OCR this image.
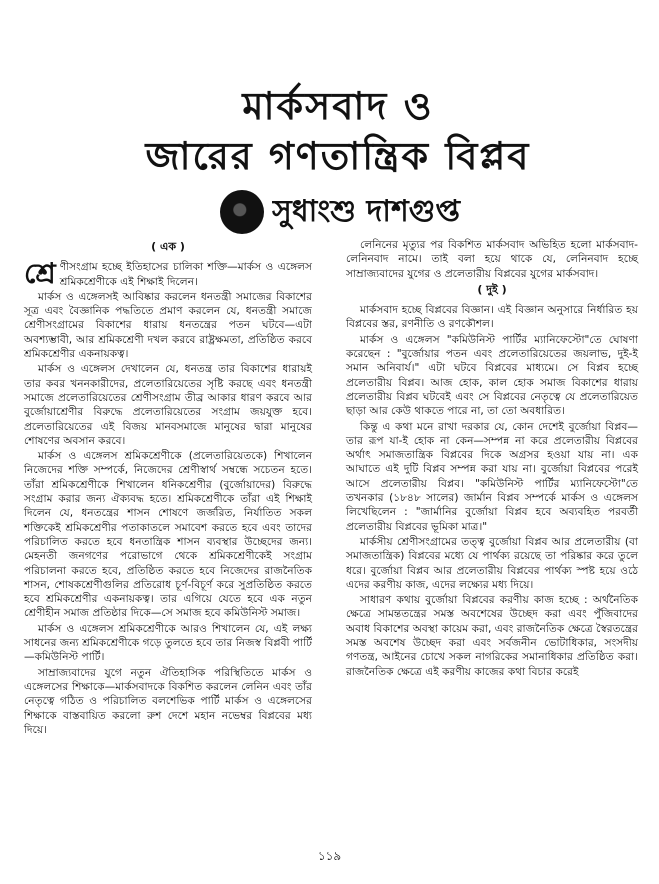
মার্কসবাদ ও
জারের গণতান্ত্রিক বিপ্লব
সুধাংশু দাশগুপ্ত
( এক )

শ্রে ণীসংগ্রাম হচ্ছে ইতিহাসের চালিকা শক্তি—মার্কস ও এঙ্গেলস শ্রমিকশ্রেণীকে এই শিক্ষাই দিলেন।

মার্কস ও এঙ্গেলসই আবিষ্কার করলেন ধনতন্ত্রী সমাজের বিকাশের সূত্র এবং বৈজ্ঞানিক পদ্ধতিতে প্রমাণ করলেন যে, ধনতন্ত্রী সমাজে শ্রেণীসংগ্রামের বিকাশের ধারায় ধনতন্ত্রের পতন ঘটবে—এটা অবশ্যম্ভাবী, আর শ্রমিকশ্রেণী দখল করবে রাষ্ট্রক্ষমতা, প্রতিষ্ঠিত করবে শ্রমিকশ্রেণীর একনায়কত্ব।

মার্কস ও এঙ্গেলস দেখালেন যে, ধনতন্ত্র তার বিকাশের ধারায়ই তার কবর খননকারীদের, প্রলেতারিয়েতের সৃষ্টি করছে এবং ধনতন্ত্রী সমাজে প্রলেতারিয়েতের শ্রেণীসংগ্রাম তীব্র আকার ধারণ করবে আর বুর্জোয়াশ্রেণীর বিরুদ্ধে প্রলেতারিয়েতের সংগ্রাম জয়যুক্ত হবে। প্রলেতারিয়েতের এই বিজয় মানবসমাজে মানুষের দ্বারা মানুষের শোষণের অবসান করবে।

মার্কস ও এঙ্গেলস শ্রমিকশ্রেণীকে (প্রলেতারিয়েতকে) শিখালেন নিজেদের শক্তি সম্পর্কে, নিজেদের শ্রেণীস্বার্থ সম্বন্ধে সচেতন হতে। তাঁরা শ্রমিকশ্রেণীকে শিখালেন ধনিকশ্রেণীর (বুর্জোয়াদের) বিরুদ্ধে সংগ্রাম করার জন্য ঐক্যবদ্ধ হতে। শ্রমিকশ্রেণীকে তাঁরা এই শিক্ষাই দিলেন যে, ধনতন্ত্রের শাসন শোষণে জর্জরিত, নির্যাতিত সকল শক্তিকেই শ্রমিকশ্রেণীর পতাকাতলে সমাবেশ করতে হবে এবং তাদের পরিচালিত করতে হবে ধনতান্ত্রিক শাসন ব্যবস্থার উচ্ছেদের জন্য। মেহনতী জনগণের পরোভাগে থেকে শ্রমিকশ্রেণীকেই সংগ্রাম পরিচালনা করতে হবে, প্রতিষ্ঠিত করতে হবে নিজেদের রাজনৈতিক শাসন, শোষকশ্রেণীগুলির প্রতিরোধ চূর্ণ-বিচূর্ণ করে সুপ্রতিষ্ঠিত করতে হবে শ্রমিকশ্রেণীর একনায়কত্ব। তার এগিয়ে যেতে হবে এক নতুন শ্রেণীহীন সমাজ প্রতিষ্ঠার দিকে—সে সমাজ হবে কমিউনিস্ট সমাজ।

মার্কস ও এঙ্গেলস শ্রমিকশ্রেণীকে আরও শিখালেন যে, এই লক্ষ্য সাধনের জন্য শ্রমিকশ্রেণীকে গড়ে তুলতে হবে তার নিজস্ব বিপ্লবী পার্টি—কমিউনিস্ট পার্টি।

সাম্রাজ্যবাদের যুগে নতুন ঐতিহাসিক পরিস্থিতিতে মার্কস ও এঙ্গেলসের শিক্ষাকে—মার্কসবাদকে বিকশিত করলেন লেনিন এবং তাঁর নেতৃত্বে গঠিত ও পরিচালিত বলশেভিক পার্টি মার্কস ও এঙ্গেলসের শিক্ষাকে বাস্তবায়িত করলো রুশ দেশে মহান নভেম্বর বিপ্লবের মধ্য দিয়ে।

লেনিনের মৃত্যুর পর বিকশিত মার্কসবাদ অভিহিত হলো মার্কসবাদ-লেনিনবাদ নামে। তাই বলা হয়ে থাকে যে, লেনিনবাদ হচ্ছে সাম্রাজ্যবাদের যুগের ও প্রলেতারীয় বিপ্লবের যুগের মার্কসবাদ।

( দুই )

মার্কসবাদ হচ্ছে বিপ্লবের বিজ্ঞান। এই বিজ্ঞান অনুসারে নির্ধারিত হয় বিপ্লবের স্তর, রণনীতি ও রণকৌশল।

মার্কস ও এঙ্গেলস "কমিউনিস্ট পার্টির ম্যানিফেস্টো"তে ঘোষণা করেছেন : "বুর্জোয়ার পতন এবং প্রলেতারিয়েতের জয়লাভ, দুই-ই সমান অনিবার্য।" এটা ঘটবে বিপ্লবের মাধ্যমে। সে বিপ্লব হচ্ছে প্রলেতারীয় বিপ্লব। আজ হোক, কাল হোক সমাজ বিকাশের ধারায় প্রলেতারীয় বিপ্লব ঘটবেই এবং সে বিপ্লবের নেতৃত্বে যে প্রলেতারিয়েত ছাড়া আর কেউ থাকতে পারে না, তা তো অবধারিত।

কিন্তু এ কথা মনে রাখা দরকার যে, কোন দেশেই বুর্জোয়া বিপ্লব—তার রূপ যা-ই হোক না কেন—সম্পন্ন না করে প্রলেতারীয় বিপ্লবের অর্থাৎ সমাজতান্ত্রিক বিপ্লবের দিকে অগ্রসর হওয়া যায় না। এক আঘাতে এই দুটি বিপ্লব সম্পন্ন করা যায় না। বুর্জোয়া বিপ্লবের পরেই আসে প্রলেতারীয় বিপ্লব। "কমিউনিস্ট পার্টির ম্যানিফেস্টো"তে তখনকার (১৮৪৮ সালের) জার্মান বিপ্লব সম্পর্কে মার্কস ও এঙ্গেলস লিখেছিলেন : "জার্মানির বুর্জোয়া বিপ্লব হবে অব্যবহিত পরবর্তী প্রলেতারীয় বিপ্লবের ভূমিকা মাত্র।"

মার্কসীয় শ্রেণীসংগ্রামের তত্ত্ব বুর্জোয়া বিপ্লব আর প্রলেতারীয় (বা সমাজতান্ত্রিক) বিপ্লবের মধ্যে যে পার্থক্য রয়েছে তা পরিষ্কার করে তুলে ধরে। বুর্জোয়া বিপ্লব আর প্রলেতারীয় বিপ্লবের পার্থক্য স্পষ্ট হয়ে ওঠে এদের করণীয় কাজ, এদের লক্ষ্যের মধ্য দিয়ে।

সাধারণ কথায় বুর্জোয়া বিপ্লবের করণীয় কাজ হচ্ছে : অর্থনৈতিক ক্ষেত্রে সামন্ততন্ত্রের সমস্ত অবশেষের উচ্ছেদ করা এবং পুঁজিবাদের অবাধ বিকাশের অবস্থা কায়েম করা, এবং রাজনৈতিক ক্ষেত্রে স্বৈরতন্ত্রের সমস্ত অবশেষ উচ্ছেদ করা এবং সর্বজনীন ভোটাধিকার, সংসদীয় গণতন্ত্র, আইনের চোখে সকল নাগরিকের সমানাধিকার প্রতিষ্ঠিত করা। রাজনৈতিক ক্ষেত্রে এই করণীয় কাজের কথা বিচার করেই

১১৯
